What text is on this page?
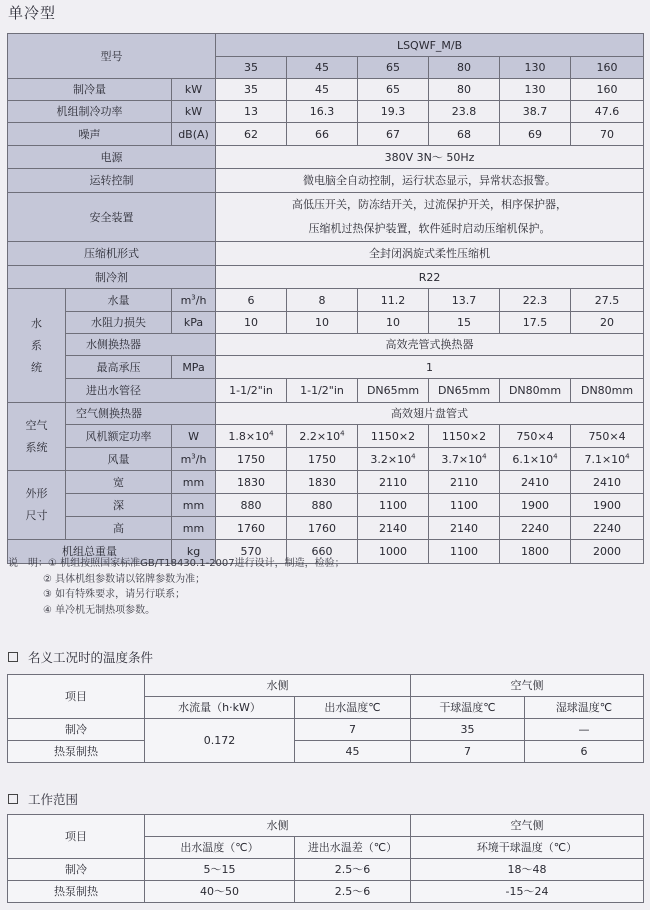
单冷型
型号			LSQWF_M/B					
			35	45	65	80	130	160
制冷量		kW	35	45	65	80	130	160
机组制冷功率		kW	13	16.3	19.3	23.8	38.7	47.6
噪声		dB(A)	62	66	67	68	69	70
电源			380V 3N～ 50Hz					
运转控制			微电脑全自动控制，运行状态显示，异常状态报警。					
安全装置			高低压开关，防冻结开关，过流保护开关，相序保护器，
压缩机过热保护装置，软件延时启动压缩机保护。					

压缩机形式			全封闭涡旋式柔性压缩机					
制冷剂			R22					
水系统	水量	$m^3/h$	6	8	11.2	13.7	22.3	27.5
	水阻力损失	kPa	10	10	10	15	17.5	20
	水侧换热器		高效壳管式换热器					
	最高承压	MPa	1					
	进出水管径		1-1/2"in	1-1/2"in	DN65mm	DN65mm	DN80mm	DN80mm
空气系统	空气侧换热器		高效翅片盘管式					
	风机额定功率	W	$1.8\times 10^4$	$2.2\times 10^4$	1150×2	1150×2	750×4	750×4
	风量	$m^3/h$	1750	1750	$3.2\times 10^4$	$3.7\times 10^4$	$6.1\times 10^4$	$7.1\times 10^4$
外形尺寸	宽	mm	1830	1830	2110	2110	2410	2410
	深	mm	880	880	1100	1100	1900	1900
	高	mm	1760	1760	2140	2140	2240	2240
机组总重量		kg	570	660	1000	1100	1800	2000
说　明：① 机组按照国家标准GB/T18430.1-2007进行设计，制造，检验；
② 具体机组参数请以铭牌参数为准；
③ 如有特殊要求，请另行联系；
④ 单冷机无制热项参数。
名义工况时的温度条件
项目	水侧		空气侧	
	水流量（h·kW）	出水温度℃	干球温度℃	湿球温度℃
制冷	0.172	7	35	—
热泵制热		45	7	6
工作范围
项目	水侧		空气侧
	出水温度（℃）	进出水温差（℃）	环境干球温度（℃）
制冷	5～15	2.5～6	18～48
热泵制热	40～50	2.5～6	-15～24
